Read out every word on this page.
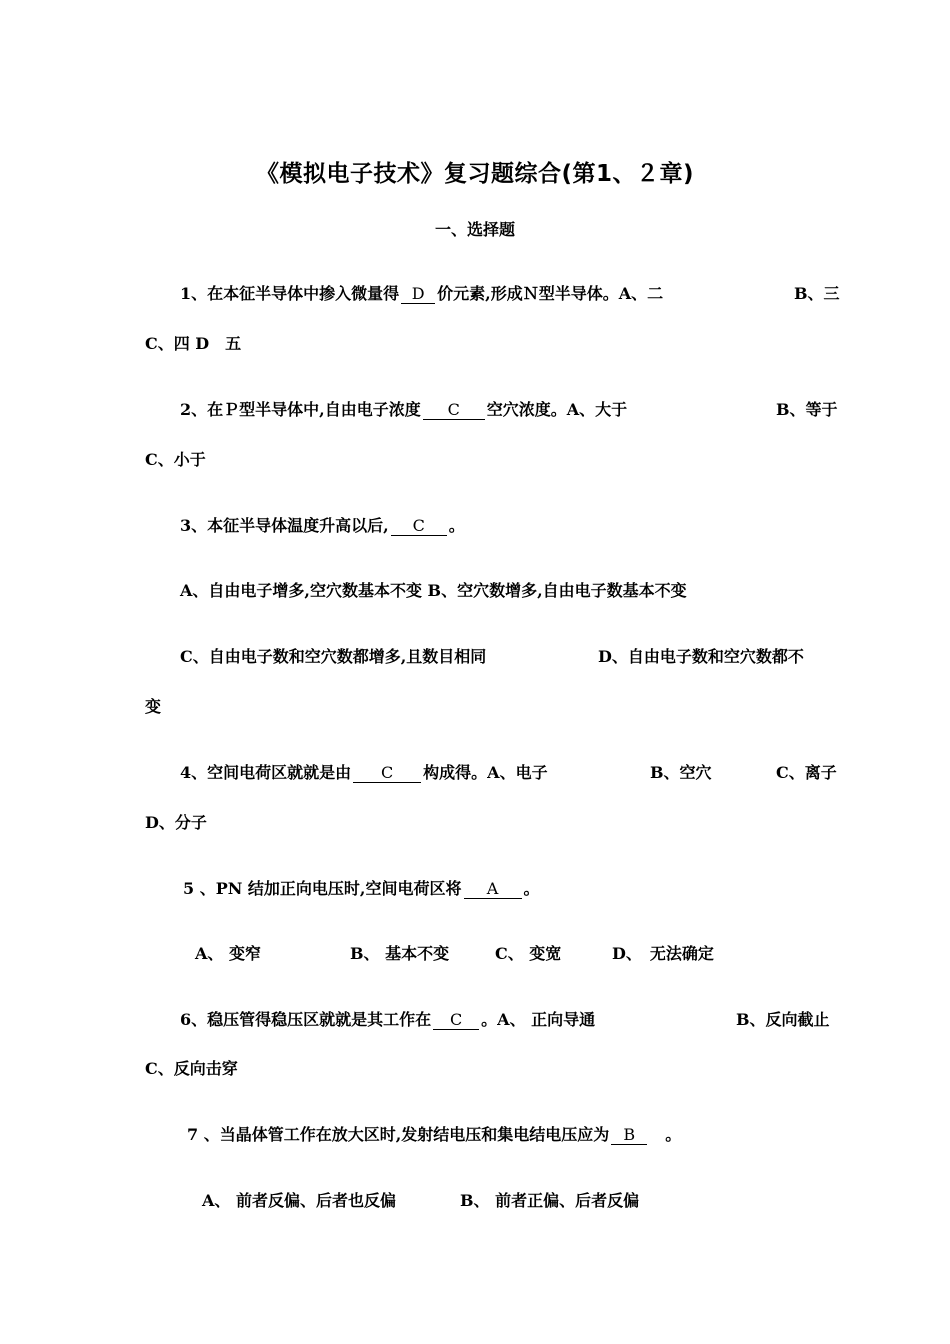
《模拟电子技术》复习题综合(第1、２章)
一、选择题
1、在本征半导体中掺入微量得 D 价元素,形成Ｎ型半导体。A、二	B、三
C、四 D　五
2、在Ｐ型半导体中,自由电子浓度 C 空穴浓度。A、大于	B、等于
C、小于
3、本征半导体温度升高以后, C 。
A、自由电子增多,空穴数基本不变 B、空穴数增多,自由电子数基本不变
C、自由电子数和空穴数都增多,且数目相同	D、自由电子数和空穴数都不
变
4、空间电荷区就就是由 C 构成得。A、电子	B、空穴	C、离子
D、分子
5 、PN 结加正向电压时,空间电荷区将 A 。
A、 变窄	B、 基本不变	C、 变宽	D、　无法确定
6、稳压管得稳压区就就是其工作在 C 。A、 正向导通	B、反向截止
C、反向击穿
7 、当晶体管工作在放大区时,发射结电压和集电结电压应为 B 。
A、 前者反偏、后者也反偏	B、 前者正偏、后者反偏
